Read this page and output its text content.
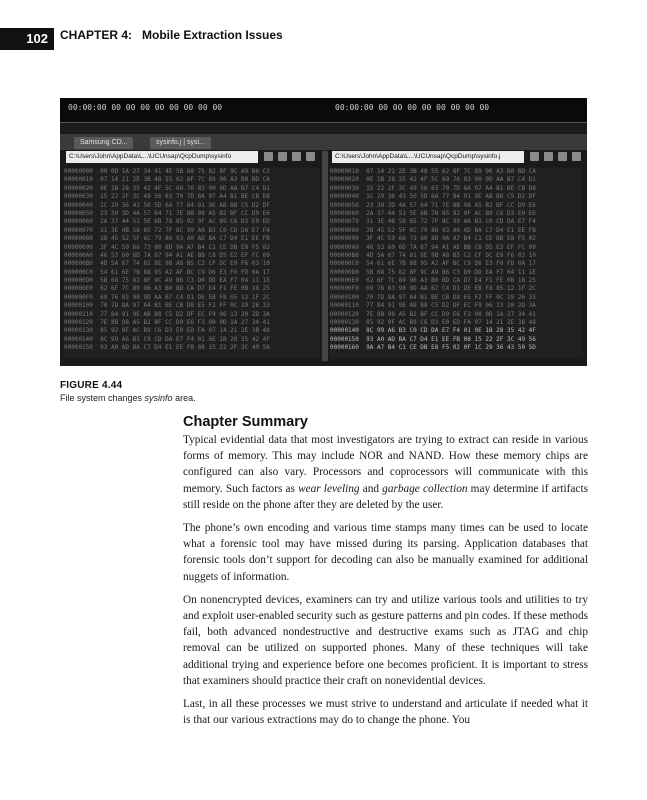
102	CHAPTER 4: Mobile Extraction Issues
00:00:00 00 00 00 00 00 00 00 00	00:00:00 00 00 00 00 00 00 00 00
Samsung CD...	sysinfo.j | sysi...
C:\Users\John\AppData\L...\UCUnsap\QcpDump\sysinfo	C:\Users\John\AppData\L...\UCUnsap\QcpDump\sysinfo.j
00000000  00 0D 1A 27 34 41 4E 5B 68 75 82 8F 9C A9 B6 C3
00000010  07 14 21 2E 3B 48 55 62 6F 7C 89 96 A3 B0 BD CA
00000020  0E 1B 28 35 42 4F 5C 69 76 83 90 9D AA B7 C4 D1
00000030  15 22 2F 3C 49 56 63 70 7D 8A 97 A4 B1 BE CB D8
00000040  1C 29 36 43 50 5D 6A 77 84 91 9E AB B8 C5 D2 DF
00000050  23 30 3D 4A 57 64 71 7E 8B 98 A5 B2 BF CC D9 E6
00000060  2A 37 44 51 5E 6B 78 85 92 9F AC B9 C6 D3 E0 ED
00000070  31 3E 4B 58 65 72 7F 8C 99 A6 B3 C0 CD DA E7 F4
00000080  38 45 52 5F 6C 79 86 93 A0 AD BA C7 D4 E1 EE FB
00000090  3F 4C 59 66 73 80 8D 9A A7 B4 C1 CE DB E8 F5 02
000000A0  46 53 60 6D 7A 87 94 A1 AE BB C8 D5 E2 EF FC 09
000000B0  4D 5A 67 74 81 8E 9B A8 B5 C2 CF DC E9 F6 03 10
000000C0  54 61 6E 7B 88 95 A2 AF BC C9 D6 E3 F0 FD 0A 17
000000D0  5B 68 75 82 8F 9C A9 B6 C3 D0 DD EA F7 04 11 1E
000000E0  62 6F 7C 89 96 A3 B0 BD CA D7 E4 F1 FE 0B 18 25
000000F0  69 76 83 90 9D AA B7 C4 D1 DE EB F8 05 12 1F 2C
00000100  70 7D 8A 97 A4 B1 BE CB D8 E5 F2 FF 0C 19 26 33
00000110  77 84 91 9E AB B8 C5 D2 DF EC F9 06 13 20 2D 3A
00000120  7E 8B 98 A5 B2 BF CC D9 E6 F3 00 0D 1A 27 34 41
00000130  85 92 9F AC B9 C6 D3 E0 ED FA 07 14 21 2E 3B 48
00000140  8C 99 A6 B3 C0 CD DA E7 F4 01 0E 1B 28 35 42 4F
00000150  93 A0 AD BA C7 D4 E1 EE FB 08 15 22 2F 3C 49 56
00000010  07 14 21 2E 3B 48 55 62 6F 7C 89 96 A3 B0 BD CA
00000020  0E 1B 28 35 42 4F 5C 69 76 83 90 9D AA B7 C4 D1
00000030  15 22 2F 3C 49 56 63 70 7D 8A 97 A4 B1 BE CB D8
00000040  1C 29 36 43 50 5D 6A 77 84 91 9E AB B8 C5 D2 DF
00000050  23 30 3D 4A 57 64 71 7E 8B 98 A5 B2 BF CC D9 E6
00000060  2A 37 44 51 5E 6B 78 85 92 9F AC B9 C6 D3 E0 ED
00000070  31 3E 4B 58 65 72 7F 8C 99 A6 B3 C0 CD DA E7 F4
00000080  38 45 52 5F 6C 79 86 93 A0 AD BA C7 D4 E1 EE FB
00000090  3F 4C 59 66 73 80 8D 9A A7 B4 C1 CE DB E8 F5 02
000000A0  46 53 60 6D 7A 87 94 A1 AE BB C8 D5 E2 EF FC 09
000000B0  4D 5A 67 74 81 8E 9B A8 B5 C2 CF DC E9 F6 03 10
000000C0  54 61 6E 7B 88 95 A2 AF BC C9 D6 E3 F0 FD 0A 17
000000D0  5B 68 75 82 8F 9C A9 B6 C3 D0 DD EA F7 04 11 1E
000000E0  62 6F 7C 89 96 A3 B0 BD CA D7 E4 F1 FE 0B 18 25
000000F0  69 76 83 90 9D AA B7 C4 D1 DE EB F8 05 12 1F 2C
00000100  70 7D 8A 97 A4 B1 BE CB D8 E5 F2 FF 0C 19 26 33
00000110  77 84 91 9E AB B8 C5 D2 DF EC F9 06 13 20 2D 3A
00000120  7E 8B 98 A5 B2 BF CC D9 E6 F3 00 0D 1A 27 34 41
00000130  85 92 9F AC B9 C6 D3 E0 ED FA 07 14 21 2E 3B 48
00000140  8C 99 A6 B3 C0 CD DA E7 F4 01 0E 1B 28 35 42 4F
00000150  93 A0 AD BA C7 D4 E1 EE FB 08 15 22 2F 3C 49 56
00000160  9A A7 B4 C1 CE DB E8 F5 02 0F 1C 29 36 43 50 5D
FIGURE 4.44
File system changes sysinfo area.
Chapter Summary

Typical evidential data that most investigators are trying to extract can reside in various forms of memory. This may include NOR and NAND. How these memory chips are configured can also vary. Processors and coprocessors will communicate with this memory. Such factors as wear leveling and garbage collection may determine if artifacts still reside on the phone after they are deleted by the user.

The phone’s own encoding and various time stamps many times can be used to locate what a forensic tool may have missed during its parsing. Application databases that forensic tools don’t support for decoding can also be manually examined for additional nuggets of information.

On nonencrypted devices, examiners can try and utilize various tools and utilities to try and exploit user-enabled security such as gesture patterns and pin codes. If these methods fail, both advanced nondestructive and destructive exams such as JTAG and chip removal can be utilized on supported phones. Many of these techniques will take additional trying and experience before one becomes proficient. It is important to stress that examiners should practice their craft on nonevidential devices.

Last, in all these processes we must strive to understand and articulate if needed what it is that our various extractions may do to change the phone. You
